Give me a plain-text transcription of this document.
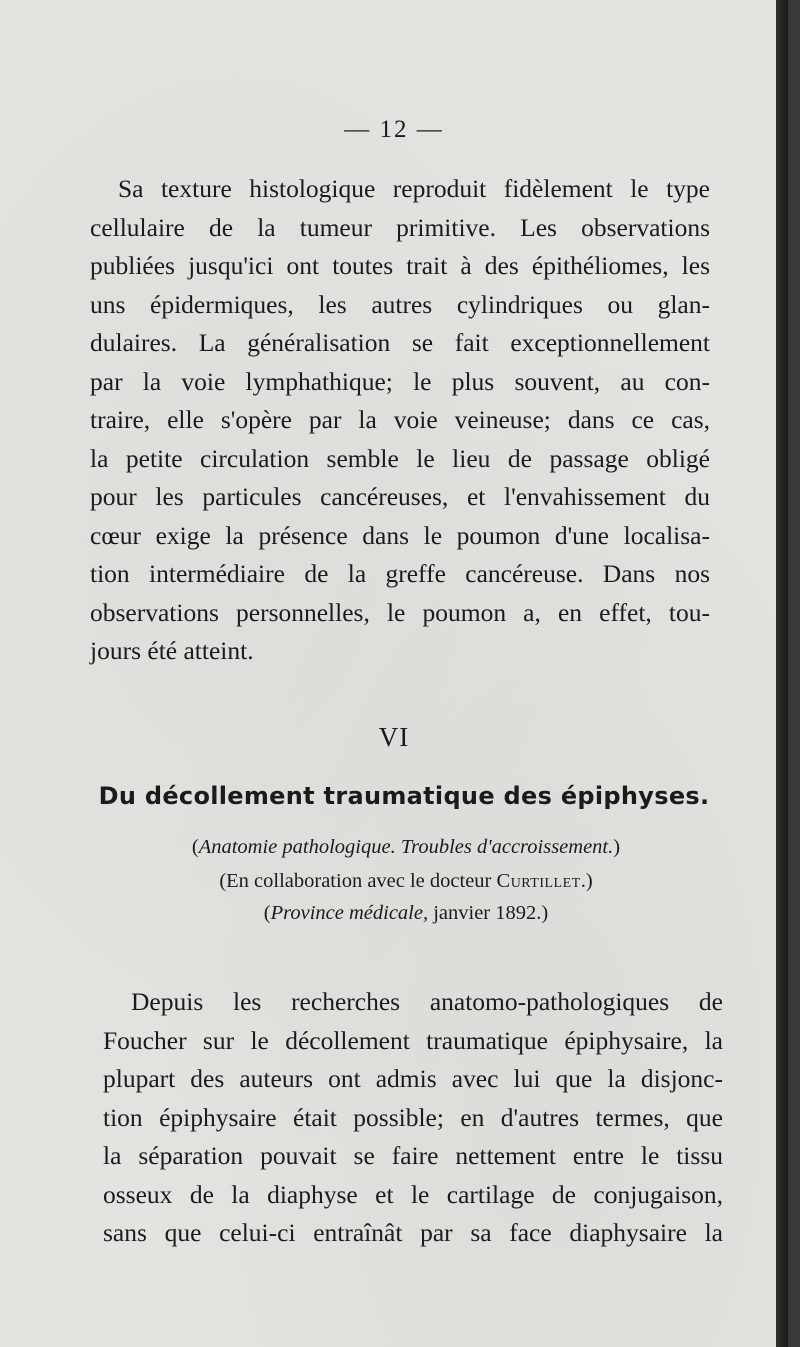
— 12 —
Sa texture histologique reproduit fidèlement le type
cellulaire de la tumeur primitive. Les observations
publiées jusqu'ici ont toutes trait à des épithéliomes, les
uns épidermiques, les autres cylindriques ou glan-
dulaires. La généralisation se fait exceptionnellement
par la voie lymphathique; le plus souvent, au con-
traire, elle s'opère par la voie veineuse; dans ce cas,
la petite circulation semble le lieu de passage obligé
pour les particules cancéreuses, et l'envahissement du
cœur exige la présence dans le poumon d'une localisa-
tion intermédiaire de la greffe cancéreuse. Dans nos
observations personnelles, le poumon a, en effet, tou-
jours été atteint.
VI
Du décollement traumatique des épiphyses.
(Anatomie pathologique. Troubles d'accroissement.)
(En collaboration avec le docteur Curtillet.)
(Province médicale, janvier 1892.)
Depuis les recherches anatomo-pathologiques de
Foucher sur le décollement traumatique épiphysaire, la
plupart des auteurs ont admis avec lui que la disjonc-
tion épiphysaire était possible; en d'autres termes, que
la séparation pouvait se faire nettement entre le tissu
osseux de la diaphyse et le cartilage de conjugaison,
sans que celui-ci entraînât par sa face diaphysaire la
